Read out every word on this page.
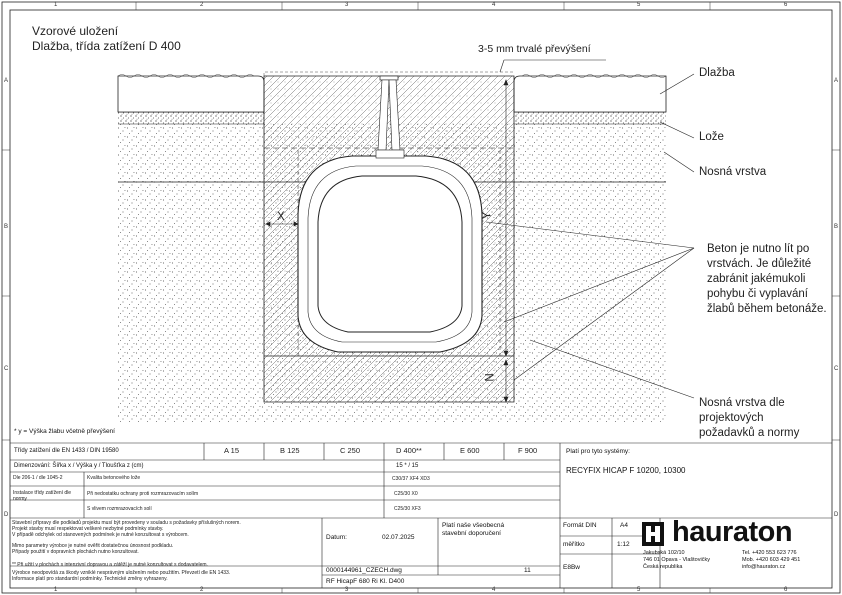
Vzorové uložení
Dlažba, třída zatížení D 400	3-5 mm trvalé převýšení
Dlažba
Lože
Nosná vrstva
Beton je nutno lít po
vrstvách. Je důležité
zabránit jakémukoli
pohybu či vyplavání
žlabů během betonáže.
Nosná vrstva dle
projektových
požadavků a normy
X	Y
N
* y = Výška žlabu včetně převýšení
1	2	3	4	5	6
1	2	3	4	5	6
A
B
C
D
A
B
C
D
Třídy zatížení dle EN 1433 / DIN 19580	A 15	B 125	C 250	D 400**	E 600	F 900
Dimenzování: Šířka x / Výška y / Tloušťka z (cm)	15 * / 15
Dle 206-1 / dle 1045-2	Kvalita betonového lože	C30/37 XF4 XD3
Instalace třídy zatížení dle normy
Při nedostatku ochrany proti rozmrazovacím solím	C25/30 X0
S vlivem rozmrazovacích solí	C25/30 XF3
Platí pro tyto systémy:
RECYFIX HICAP F 10200, 10300
Stavební přípravy dle podkladů projektu musí být provedeny v souladu s požadavky příslušných norem.
Projekt stavby musí respektovat veškeré nezbytné podmínky stavby.
V případě odchylek od stanovených podmínek je nutné konzultovat s výrobcem.
Mimo parametry výrobce je nutné ověřit dostatečnou únosnost podkladu.
Případy použití v dopravních plochách nutno konzultovat.
** Při užití v plochách s intenzivní dopravou a zátěží je nutné konzultovat s dodavatelem.
Výrobce neodpovídá za škody vzniklé nesprávným uložením nebo použitím. Převzetí dle EN 1433.
Informace platí pro standardní podmínky. Technické změny vyhrazeny.
Datum:	02.07.2025
Platí naše všeobecná
stavební doporučení
0000144961_CZECH.dwg	11
RF HicapF 680 Ri Kl. D400
Formát DIN	A4
měřítko	1:12
E8Bw
hauraton
Jakubská 102/10
746 01 Opava - Vlaštovičky
Česká republika
Tel. +420 553 623 776
Mob. +420 603 429 451
info@hauraton.cz
